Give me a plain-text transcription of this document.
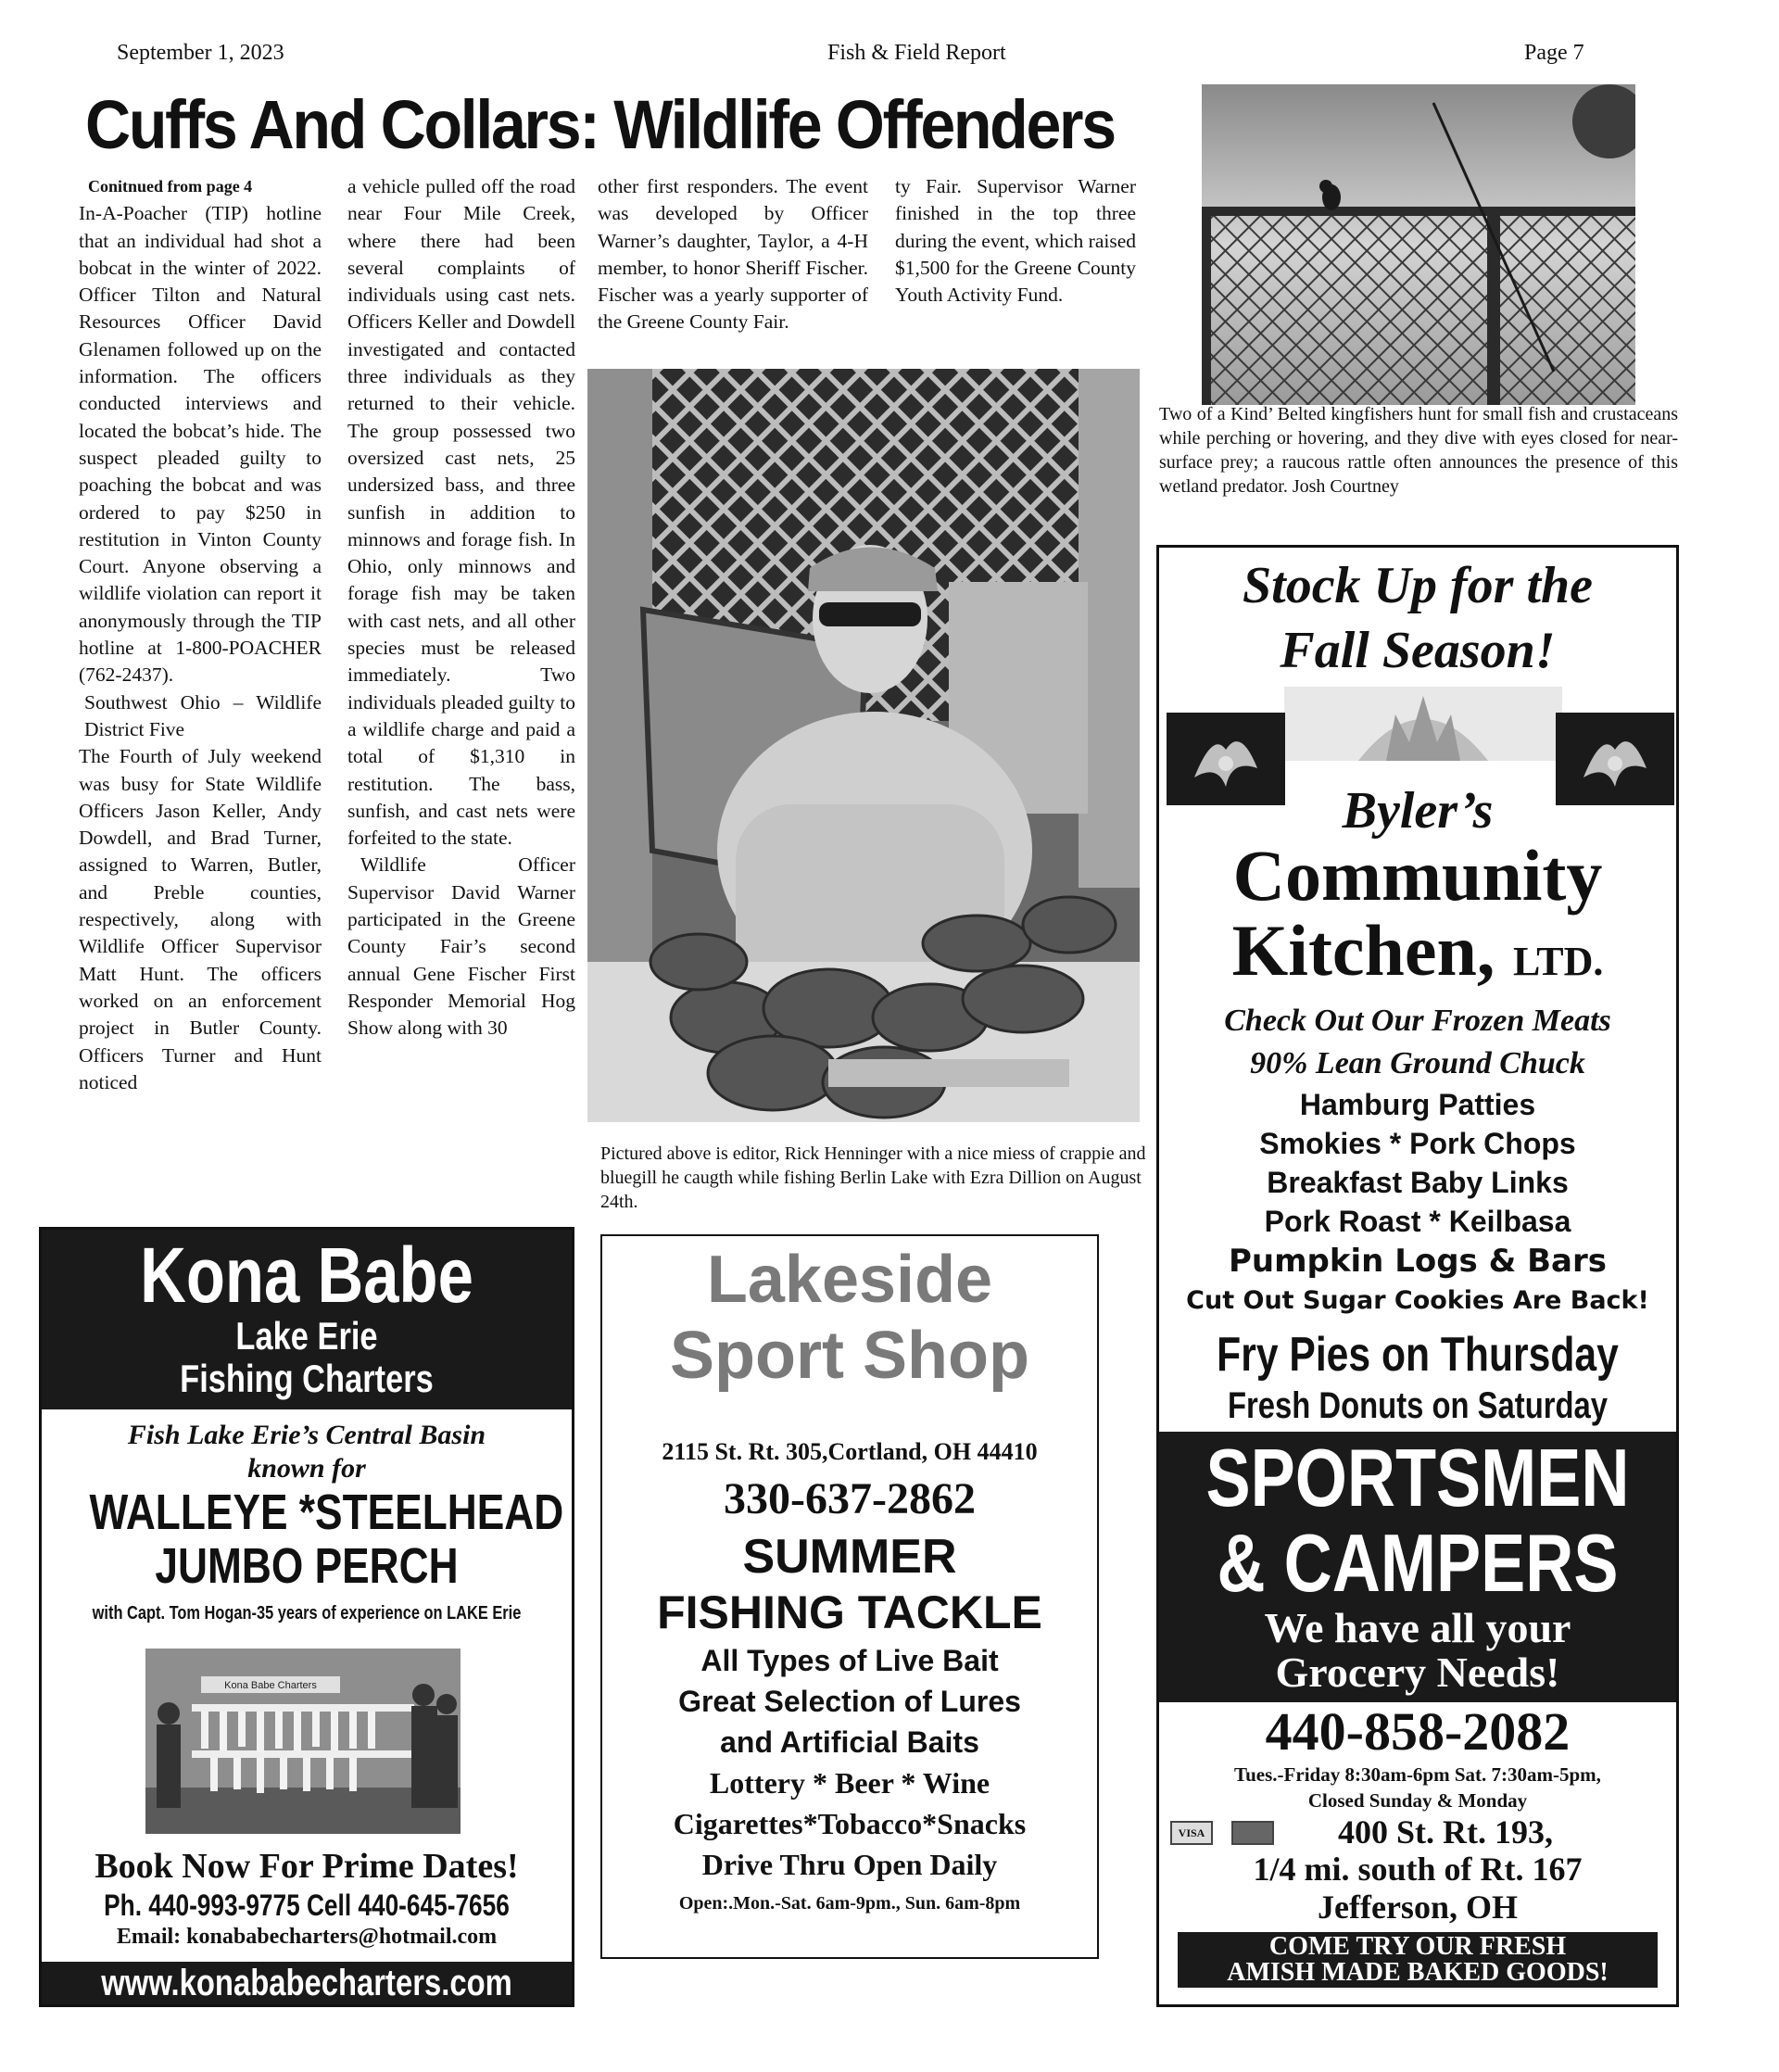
September 1, 2023	Fish & Field Report	Page 7
Cuffs And Collars: Wildlife Offenders
Conitnued from page 4

In-A-Poacher (TIP) hotline that an individual had shot a bobcat in the winter of 2022. Officer Tilton and Natural Resources Officer David Glenamen followed up on the information. The officers conducted interviews and located the bobcat’s hide. The suspect pleaded guilty to poaching the bobcat and was ordered to pay $250 in restitution in Vinton County Court. Anyone observing a wildlife violation can report it anonymously through the TIP hotline at 1-800-POACHER (762-2437).

Southwest Ohio – Wildlife District Five

The Fourth of July weekend was busy for State Wildlife Officers Jason Keller, Andy Dowdell, and Brad Turner, assigned to Warren, Butler, and Preble counties, respectively, along with Wildlife Officer Supervisor Matt Hunt. The officers worked on an enforcement project in Butler County. Officers Turner and Hunt noticed

a vehicle pulled off the road near Four Mile Creek, where there had been several complaints of individuals using cast nets. Officers Keller and Dowdell investigated and contacted three individuals as they returned to their vehicle. The group possessed two oversized cast nets, 25 undersized bass, and three sunfish in addition to minnows and forage fish. In Ohio, only minnows and forage fish may be taken with cast nets, and all other species must be released immediately. Two individuals pleaded guilty to a wildlife charge and paid a total of $1,310 in restitution. The bass, sunfish, and cast nets were forfeited to the state.

Wildlife Officer Supervisor David Warner participated in the Greene County Fair’s second annual Gene Fischer First Responder Memorial Hog Show along with 30

other first responders. The event was developed by Officer Warner’s daughter, Taylor, a 4-H member, to honor Sheriff Fischer. Fischer was a yearly supporter of the Greene County Fair.

ty Fair. Supervisor Warner finished in the top three during the event, which raised $1,500 for the Greene County Youth Activity Fund.

Pictured above is editor, Rick Henninger with a nice miess of crappie and bluegill he caugth while fishing Berlin Lake with Ezra Dillion on August 24th.
Two of a Kind’ Belted kingfishers hunt for small fish and crustaceans while perching or hovering, and they dive with eyes closed for near-surface prey; a raucous rattle often announces the presence of this wetland predator. Josh Courtney
Kona Babe
Lake Erie
Fishing Charters
Fish Lake Erie’s Central Basin
known for
WALLEYE *STEELHEAD
JUMBO PERCH
with Capt. Tom Hogan-35 years of experience on LAKE Erie
Kona Babe Charters
Book Now For Prime Dates!
Ph. 440-993-9775 Cell 440-645-7656
Email: konababecharters@hotmail.com
www.konababecharters.com
Lakeside
Sport Shop
2115 St. Rt. 305,Cortland, OH 44410
330-637-2862
SUMMER
FISHING TACKLE
All Types of Live Bait
Great Selection of Lures
and Artificial Baits
Lottery * Beer * Wine
Cigarettes*Tobacco*Snacks
Drive Thru Open Daily
Open:.Mon.-Sat. 6am-9pm., Sun. 6am-8pm
Stock Up for the
Fall Season!
Byler’s
Community
Kitchen, LTD.
Check Out Our Frozen Meats
90% Lean Ground Chuck
Hamburg Patties
Smokies * Pork Chops
Breakfast Baby Links
Pork Roast * Keilbasa
Pumpkin Logs & Bars
Cut Out Sugar Cookies Are Back!
Fry Pies on Thursday
Fresh Donuts on Saturday
SPORTSMEN
& CAMPERS
We have all your
Grocery Needs!
440-858-2082
Tues.-Friday 8:30am-6pm Sat. 7:30am-5pm,
Closed Sunday & Monday
VISA	400 St. Rt. 193,
1/4 mi. south of Rt. 167
Jefferson, OH
COME TRY OUR FRESH
AMISH MADE BAKED GOODS!
